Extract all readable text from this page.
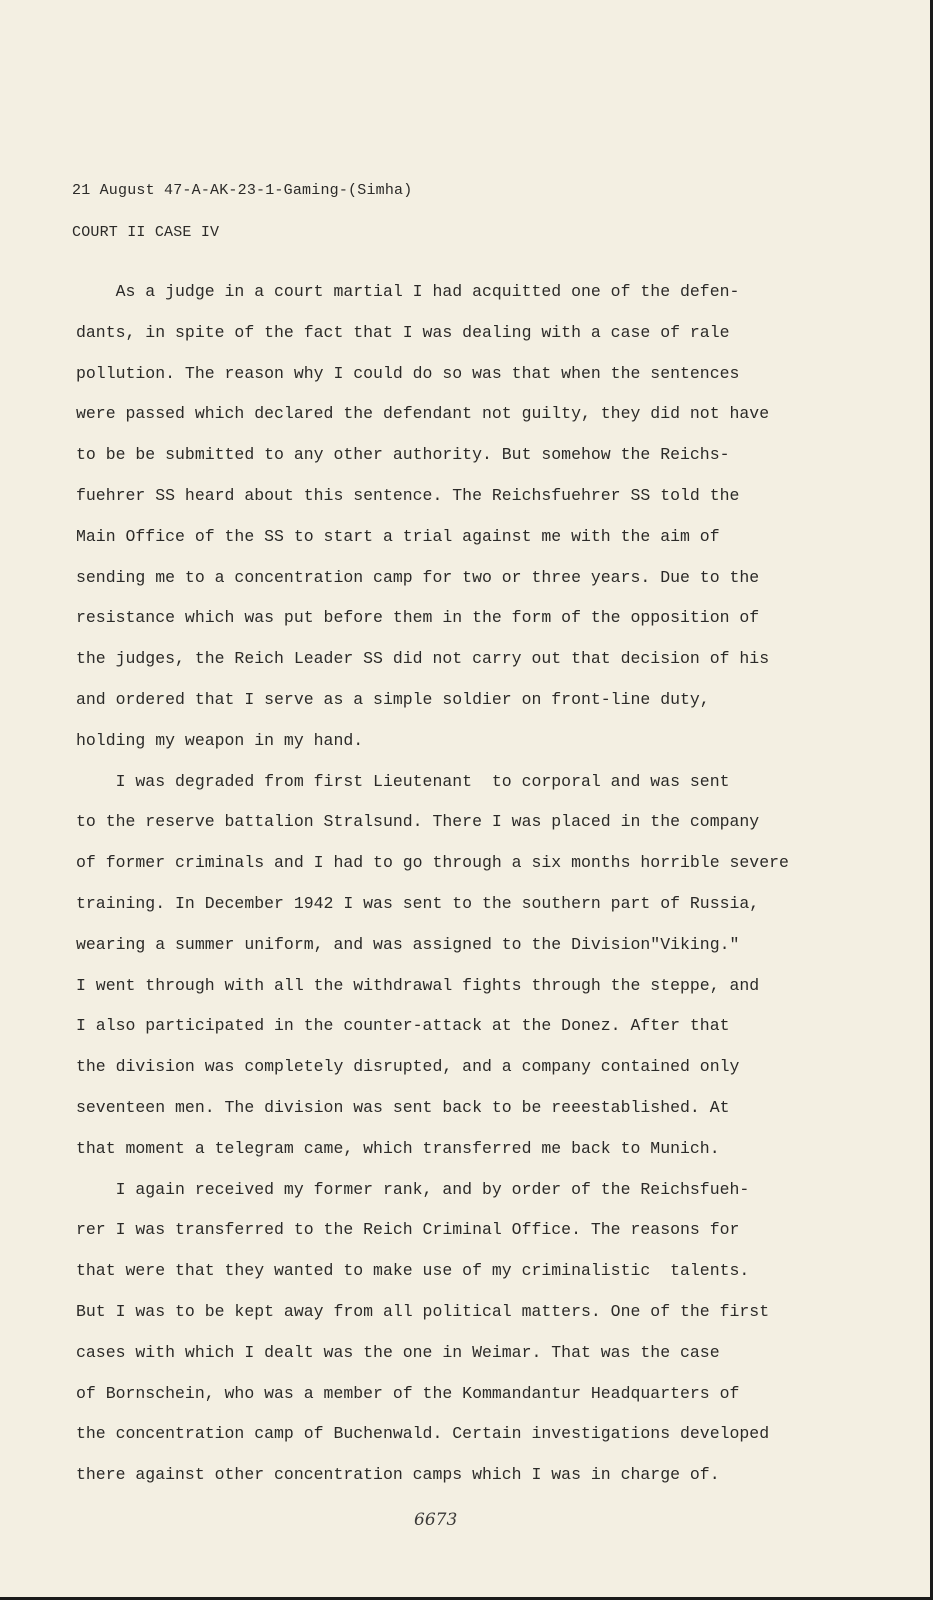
21 August 47-A-AK-23-1-Gaming-(Simha)
COURT II CASE IV
As a judge in a court martial I had acquitted one of the defen-
dants, in spite of the fact that I was dealing with a case of rale
pollution. The reason why I could do so was that when the sentences
were passed which declared the defendant not guilty, they did not have
to be be submitted to any other authority. But somehow the Reichs-
fuehrer SS heard about this sentence. The Reichsfuehrer SS told the
Main Office of the SS to start a trial against me with the aim of
sending me to a concentration camp for two or three years. Due to the
resistance which was put before them in the form of the opposition of
the judges, the Reich Leader SS did not carry out that decision of his
and ordered that I serve as a simple soldier on front-line duty,
holding my weapon in my hand.
I was degraded from first Lieutenant  to corporal and was sent
to the reserve battalion Stralsund. There I was placed in the company
of former criminals and I had to go through a six months horrible severe
training. In December 1942 I was sent to the southern part of Russia,
wearing a summer uniform, and was assigned to the Division"Viking."
I went through with all the withdrawal fights through the steppe, and
I also participated in the counter-attack at the Donez. After that
the division was completely disrupted, and a company contained only
seventeen men. The division was sent back to be reeestablished. At
that moment a telegram came, which transferred me back to Munich.
I again received my former rank, and by order of the Reichsfueh-
rer I was transferred to the Reich Criminal Office. The reasons for
that were that they wanted to make use of my criminalistic  talents.
But I was to be kept away from all political matters. One of the first
cases with which I dealt was the one in Weimar. That was the case
of Bornschein, who was a member of the Kommandantur Headquarters of
the concentration camp of Buchenwald. Certain investigations developed
there against other concentration camps which I was in charge of.
6673
